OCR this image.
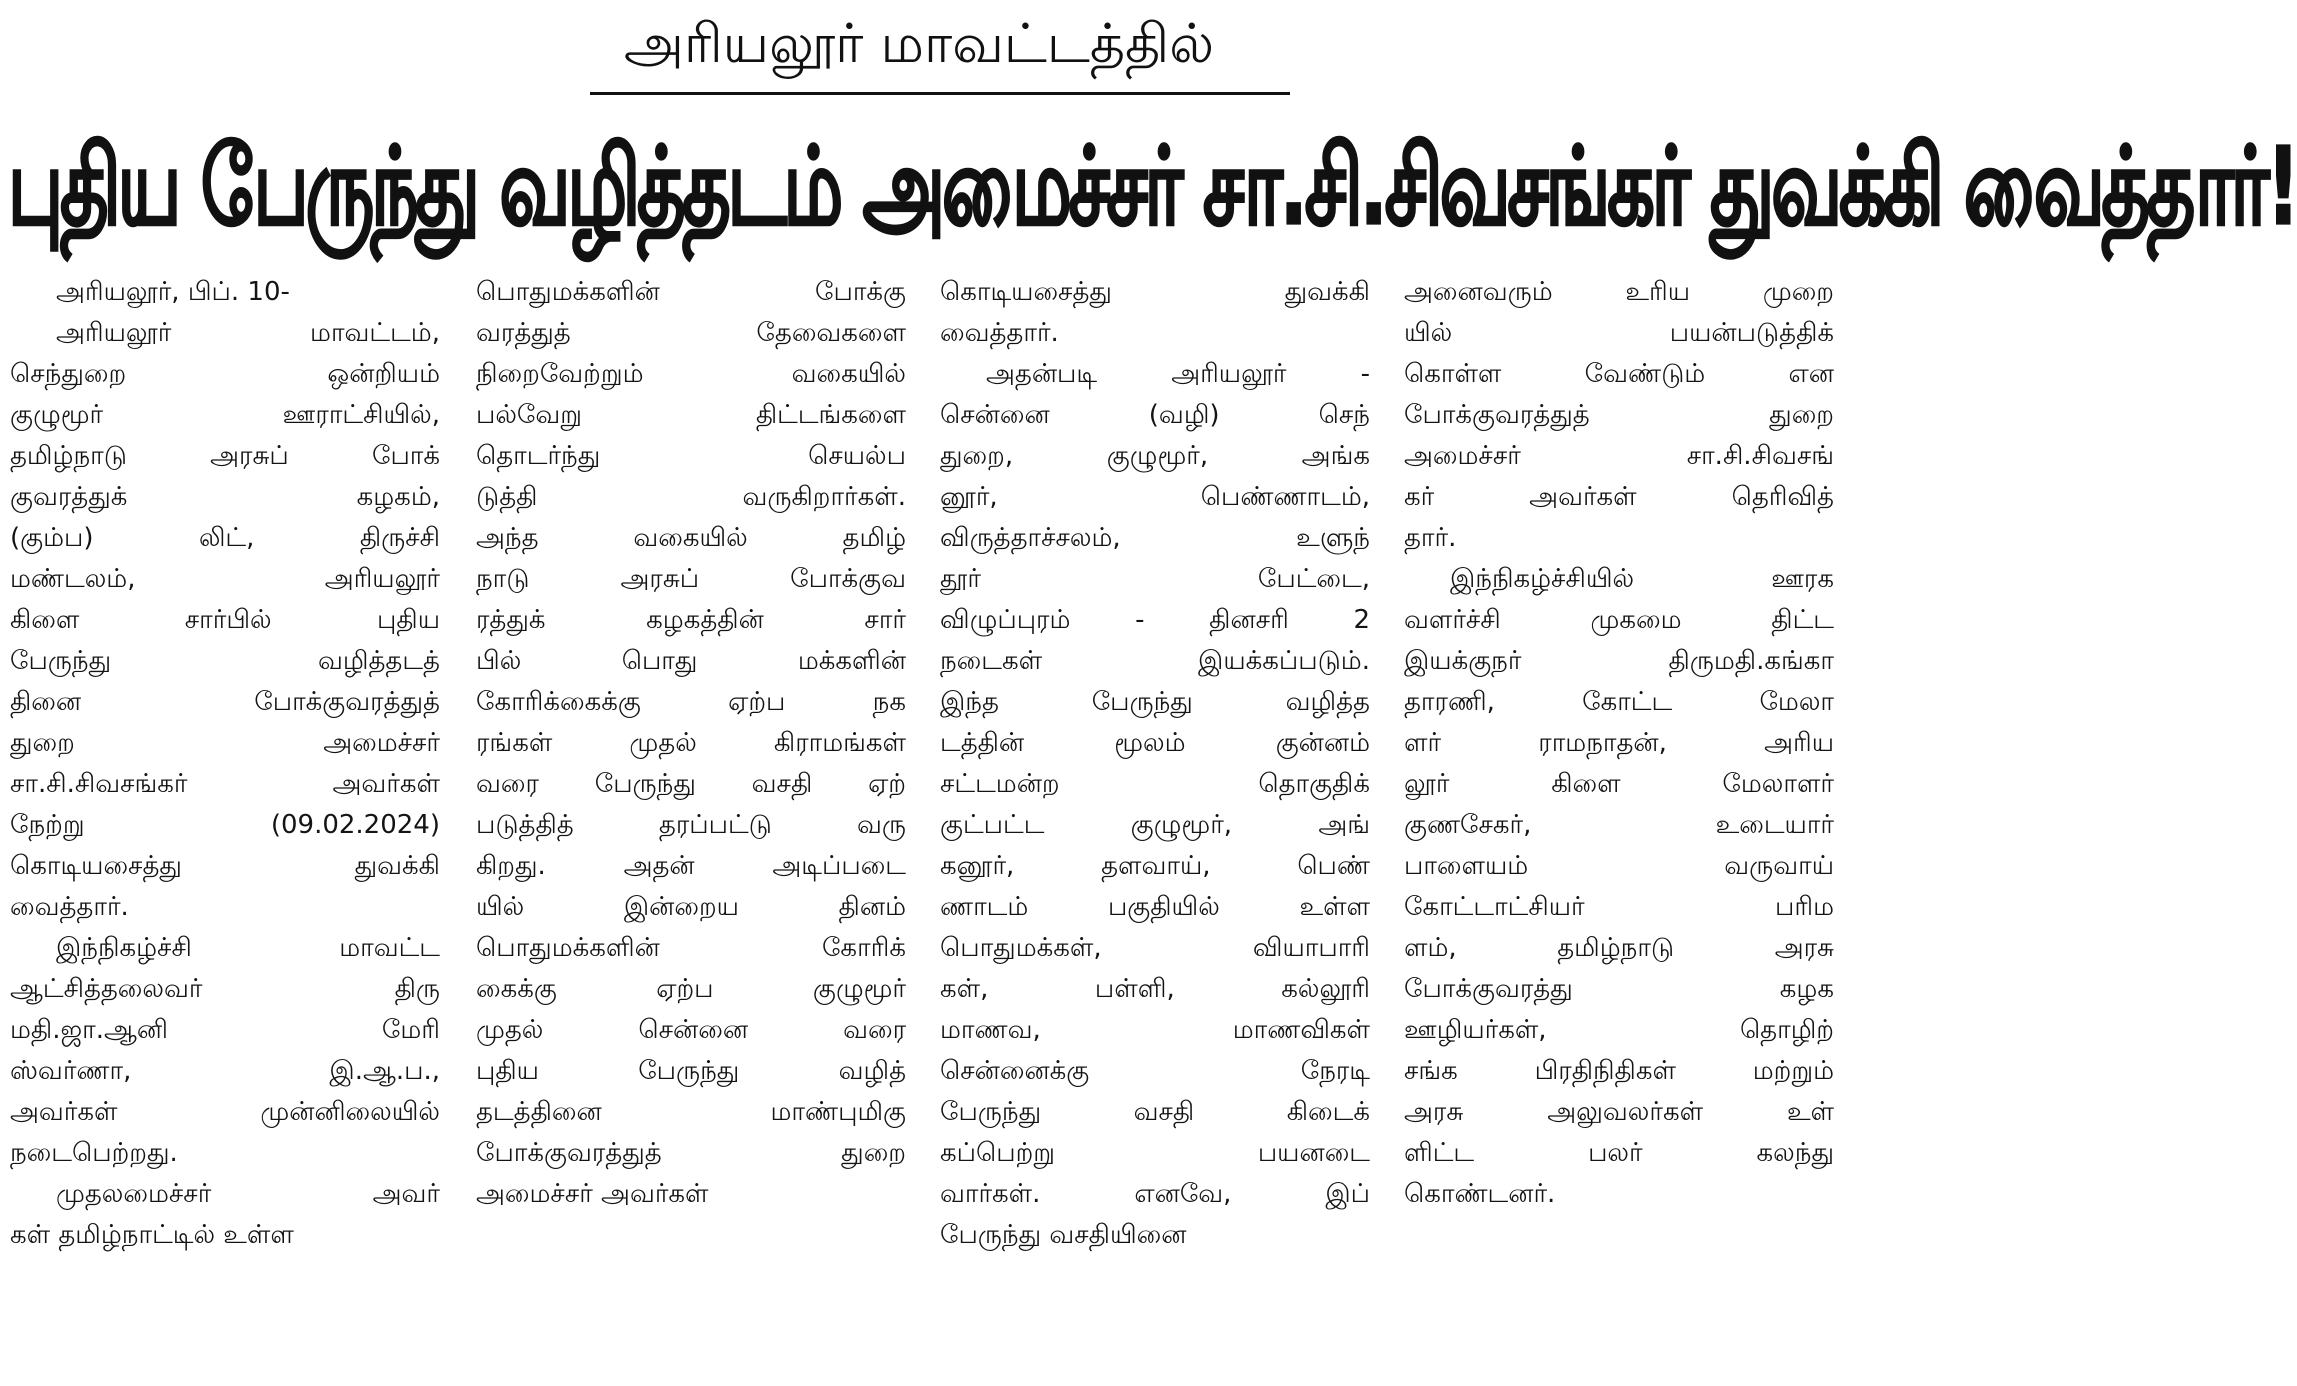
அரியலூர் மாவட்டத்தில்
புதிய பேருந்து வழித்தடம் அமைச்சர் சா.சி.சிவசங்கர் துவக்கி வைத்தார்!
அரியலூர், பிப். 10-
அரியலூர் மாவட்டம்,
செந்துறை ஒன்றியம்
குழுமூர் ஊராட்சியில்,
தமிழ்நாடு அரசுப் போக்
குவரத்துக் கழகம்,
(கும்ப) லிட், திருச்சி
மண்டலம், அரியலூர்
கிளை சார்பில் புதிய
பேருந்து வழித்தடத்
தினை போக்குவரத்துத்
துறை அமைச்சர்
சா.சி.சிவசங்கர் அவர்கள்
நேற்று (09.02.2024)
கொடியசைத்து துவக்கி
வைத்தார்.
இந்நிகழ்ச்சி மாவட்ட
ஆட்சித்தலைவர் திரு
மதி.ஜா.ஆனி மேரி
ஸ்வர்ணா, இ.ஆ.ப.,
அவர்கள் முன்னிலையில்
நடைபெற்றது.
முதலமைச்சர் அவர்
கள் தமிழ்நாட்டில் உள்ள
பொதுமக்களின் போக்கு
வரத்துத் தேவைகளை
நிறைவேற்றும் வகையில்
பல்வேறு திட்டங்களை
தொடர்ந்து செயல்ப
டுத்தி வருகிறார்கள்.
அந்த வகையில் தமிழ்
நாடு அரசுப் போக்குவ
ரத்துக் கழகத்தின் சார்
பில் பொது மக்களின்
கோரிக்கைக்கு ஏற்ப நக
ரங்கள் முதல் கிராமங்கள்
வரை பேருந்து வசதி ஏற்
படுத்தித் தரப்பட்டு வரு
கிறது. அதன் அடிப்படை
யில் இன்றைய தினம்
பொதுமக்களின் கோரிக்
கைக்கு ஏற்ப குழுமூர்
முதல் சென்னை வரை
புதிய பேருந்து வழித்
தடத்தினை மாண்புமிகு
போக்குவரத்துத் துறை
அமைச்சர் அவர்கள்
கொடியசைத்து துவக்கி
வைத்தார்.
அதன்படி அரியலூர் -
சென்னை (வழி) செந்
துறை, குழுமூர், அங்க
னூர், பெண்ணாடம்,
விருத்தாச்சலம், உளுந்
தூர் பேட்டை,
விழுப்புரம் - தினசரி 2
நடைகள் இயக்கப்படும்.
இந்த பேருந்து வழித்த
டத்தின் மூலம் குன்னம்
சட்டமன்ற தொகுதிக்
குட்பட்ட குழுமூர், அங்
கனூர், தளவாய், பெண்
ணாடம் பகுதியில் உள்ள
பொதுமக்கள், வியாபாரி
கள், பள்ளி, கல்லூரி
மாணவ, மாணவிகள்
சென்னைக்கு நேரடி
பேருந்து வசதி கிடைக்
கப்பெற்று பயனடை
வார்கள். எனவே, இப்
பேருந்து வசதியினை
அனைவரும் உரிய முறை
யில் பயன்படுத்திக்
கொள்ள வேண்டும் என
போக்குவரத்துத் துறை
அமைச்சர் சா.சி.சிவசங்
கர் அவர்கள் தெரிவித்
தார்.
இந்நிகழ்ச்சியில் ஊரக
வளர்ச்சி முகமை திட்ட
இயக்குநர் திருமதி.கங்கா
தாரணி, கோட்ட மேலா
ளர் ராமநாதன், அரிய
லூர் கிளை மேலாளர்
குணசேகர், உடையார்
பாளையம் வருவாய்
கோட்டாட்சியர் பரிம
ளம், தமிழ்நாடு அரசு
போக்குவரத்து கழக
ஊழியர்கள், தொழிற்
சங்க பிரதிநிதிகள் மற்றும்
அரசு அலுவலர்கள் உள்
ளிட்ட பலர் கலந்து
கொண்டனர்.
